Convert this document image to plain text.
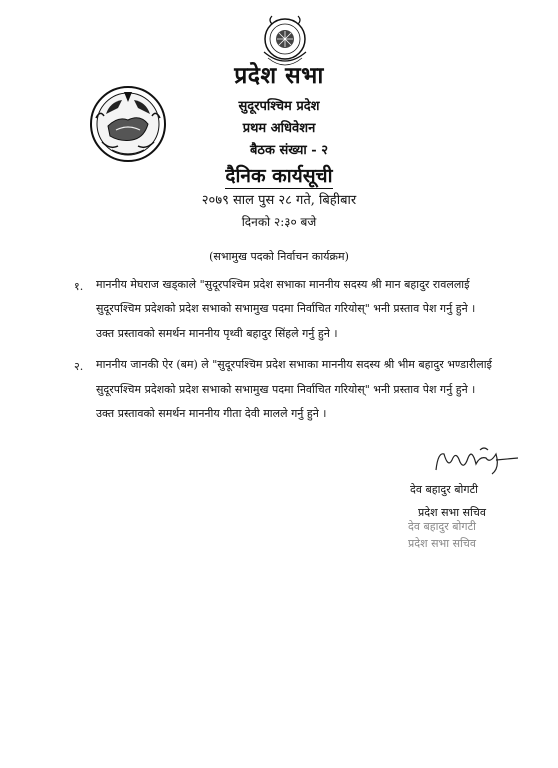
प्रदेश सभा
सुदूरपश्चिम प्रदेश
प्रथम अधिवेशन
बैठक संख्या - २
दैनिक कार्यसूची
२०७९ साल पुस २८ गते, बिहीबार
दिनको २:३० बजे
(सभामुख पदको निर्वाचन कार्यक्रम)
१. माननीय मेघराज खड्काले "सुदूरपश्चिम प्रदेश सभाका माननीय सदस्य श्री मान बहादुर रावललाई
सुदूरपश्चिम प्रदेशको प्रदेश सभाको सभामुख पदमा निर्वाचित गरियोस्" भनी प्रस्ताव पेश गर्नु हुने ।
उक्त प्रस्तावको समर्थन माननीय पृथ्वी बहादुर सिंहले गर्नु हुने ।
२. माननीय जानकी ऐर (बम) ले "सुदूरपश्चिम प्रदेश सभाका माननीय सदस्य श्री भीम बहादुर भण्डारीलाई
सुदूरपश्चिम प्रदेशको प्रदेश सभाको सभामुख पदमा निर्वाचित गरियोस्" भनी प्रस्ताव पेश गर्नु हुने ।
उक्त प्रस्तावको समर्थन माननीय गीता देवी मालले गर्नु हुने ।
देव बहादुर बोगटी
प्रदेश सभा सचिव
देव बहादुर बोगटी
प्रदेश सभा सचिव
